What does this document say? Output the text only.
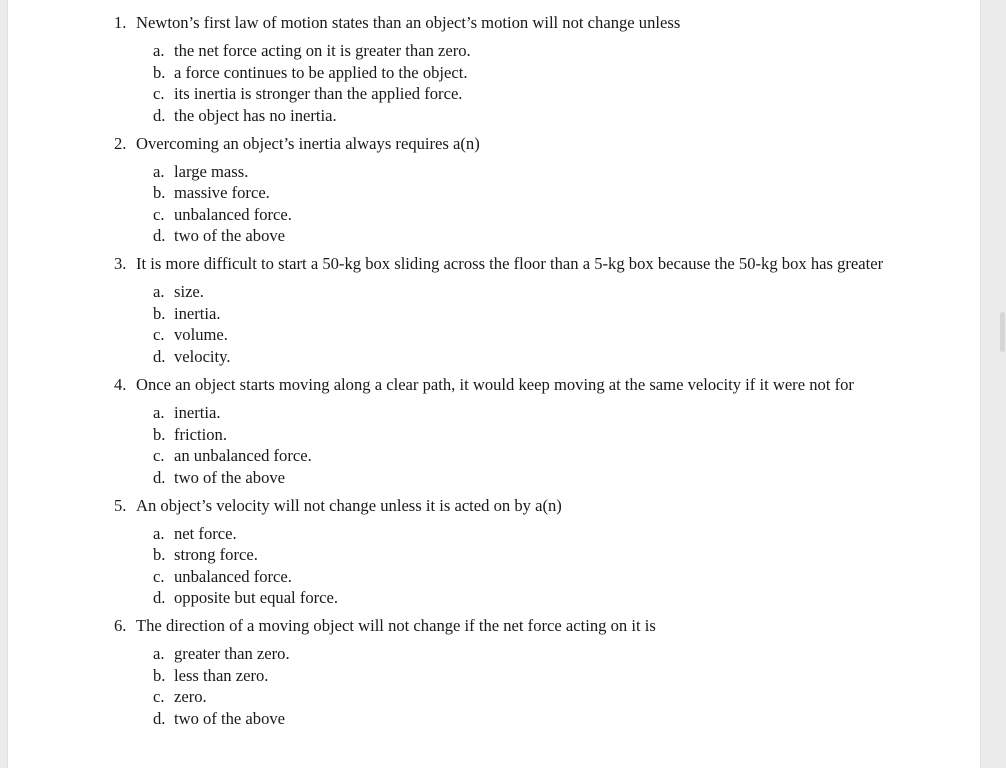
1. Newton’s first law of motion states than an object’s motion will not change unless
a. the net force acting on it is greater than zero.
b. a force continues to be applied to the object.
c. its inertia is stronger than the applied force.
d. the object has no inertia.
2. Overcoming an object’s inertia always requires a(n)
a. large mass.
b. massive force.
c. unbalanced force.
d. two of the above
3. It is more difficult to start a 50-kg box sliding across the floor than a 5-kg box because the 50-kg box has greater
a. size.
b. inertia.
c. volume.
d. velocity.
4. Once an object starts moving along a clear path, it would keep moving at the same velocity if it were not for
a. inertia.
b. friction.
c. an unbalanced force.
d. two of the above
5. An object’s velocity will not change unless it is acted on by a(n)
a. net force.
b. strong force.
c. unbalanced force.
d. opposite but equal force.
6. The direction of a moving object will not change if the net force acting on it is
a. greater than zero.
b. less than zero.
c. zero.
d. two of the above
